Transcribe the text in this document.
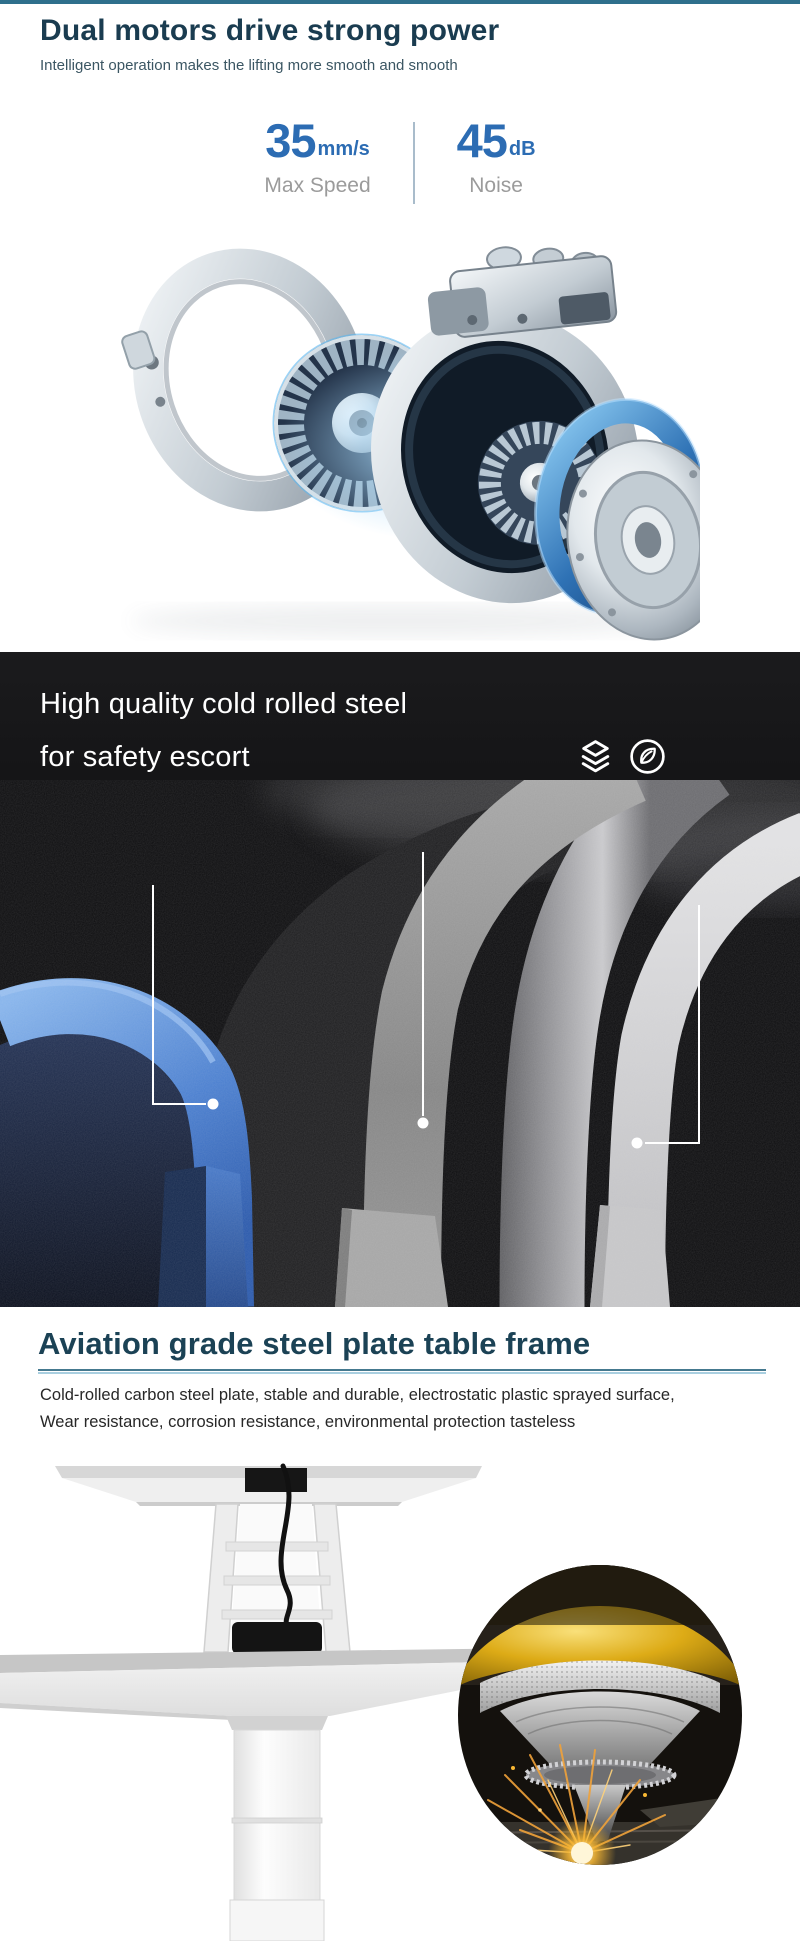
Dual motors drive strong power
Intelligent operation makes the lifting more smooth and smooth
35 mm/s
Max Speed
45 dB
Noise
High quality cold rolled steel
for safety escort
Aviation grade steel plate table frame
Cold-rolled carbon steel plate, stable and durable, electrostatic plastic sprayed surface,
Wear resistance, corrosion resistance, environmental protection tasteless
